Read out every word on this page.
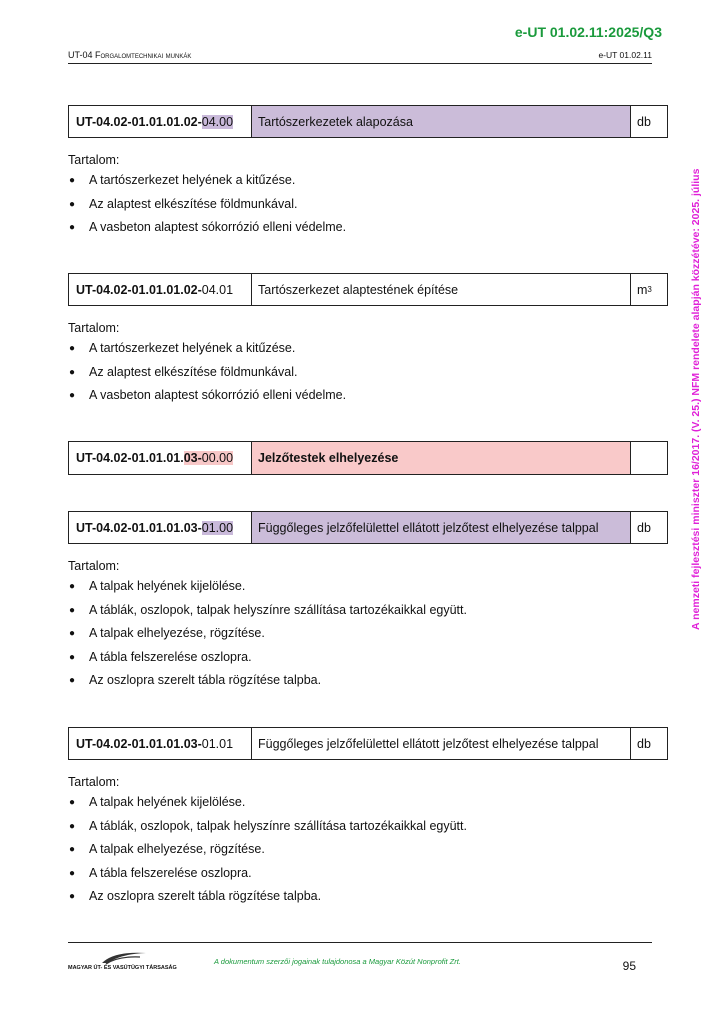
e-UT 01.02.11:2025/Q3
UT-04 Forgalomtechnikai munkák	e-UT 01.02.11
A nemzeti fejlesztési miniszter 16/2017. (V. 25.) NFM rendelete alapján közzétéve: 2025. július
UT-04.02-01.01.01.02- 04.00	Tartószerkezetek alapozása	db
Tartalom:
●	A tartószerkezet helyének a kitűzése.
●	Az alaptest elkészítése földmunkával.
●	A vasbeton alaptest sókorrózió elleni védelme.
UT-04.02-01.01.01.02- 04.01	Tartószerkezet alaptestének építése	m 3
Tartalom:
●	A tartószerkezet helyének a kitűzése.
●	Az alaptest elkészítése földmunkával.
●	A vasbeton alaptest sókorrózió elleni védelme.
UT-04.02-01.01.01. 03- 00.00	Jelzőtestek elhelyezése
UT-04.02-01.01.01.03- 01.00	Függőleges jelzőfelülettel ellátott jelzőtest elhelyezése talppal	db
Tartalom:
●	A talpak helyének kijelölése.
●	A táblák, oszlopok, talpak helyszínre szállítása tartozékaikkal együtt.
●	A talpak elhelyezése, rögzítése.
●	A tábla felszerelése oszlopra.
●	Az oszlopra szerelt tábla rögzítése talpba.
UT-04.02-01.01.01.03- 01.01	Függőleges jelzőfelülettel ellátott jelzőtest elhelyezése talppal	db
Tartalom:
●	A talpak helyének kijelölése.
●	A táblák, oszlopok, talpak helyszínre szállítása tartozékaikkal együtt.
●	A talpak elhelyezése, rögzítése.
●	A tábla felszerelése oszlopra.
●	Az oszlopra szerelt tábla rögzítése talpba.
MAGYAR ÚT- ÉS VASÚTÜGYI TÁRSASÁG
A dokumentum szerzői jogainak tulajdonosa a Magyar Közút Nonprofit Zrt.	95
